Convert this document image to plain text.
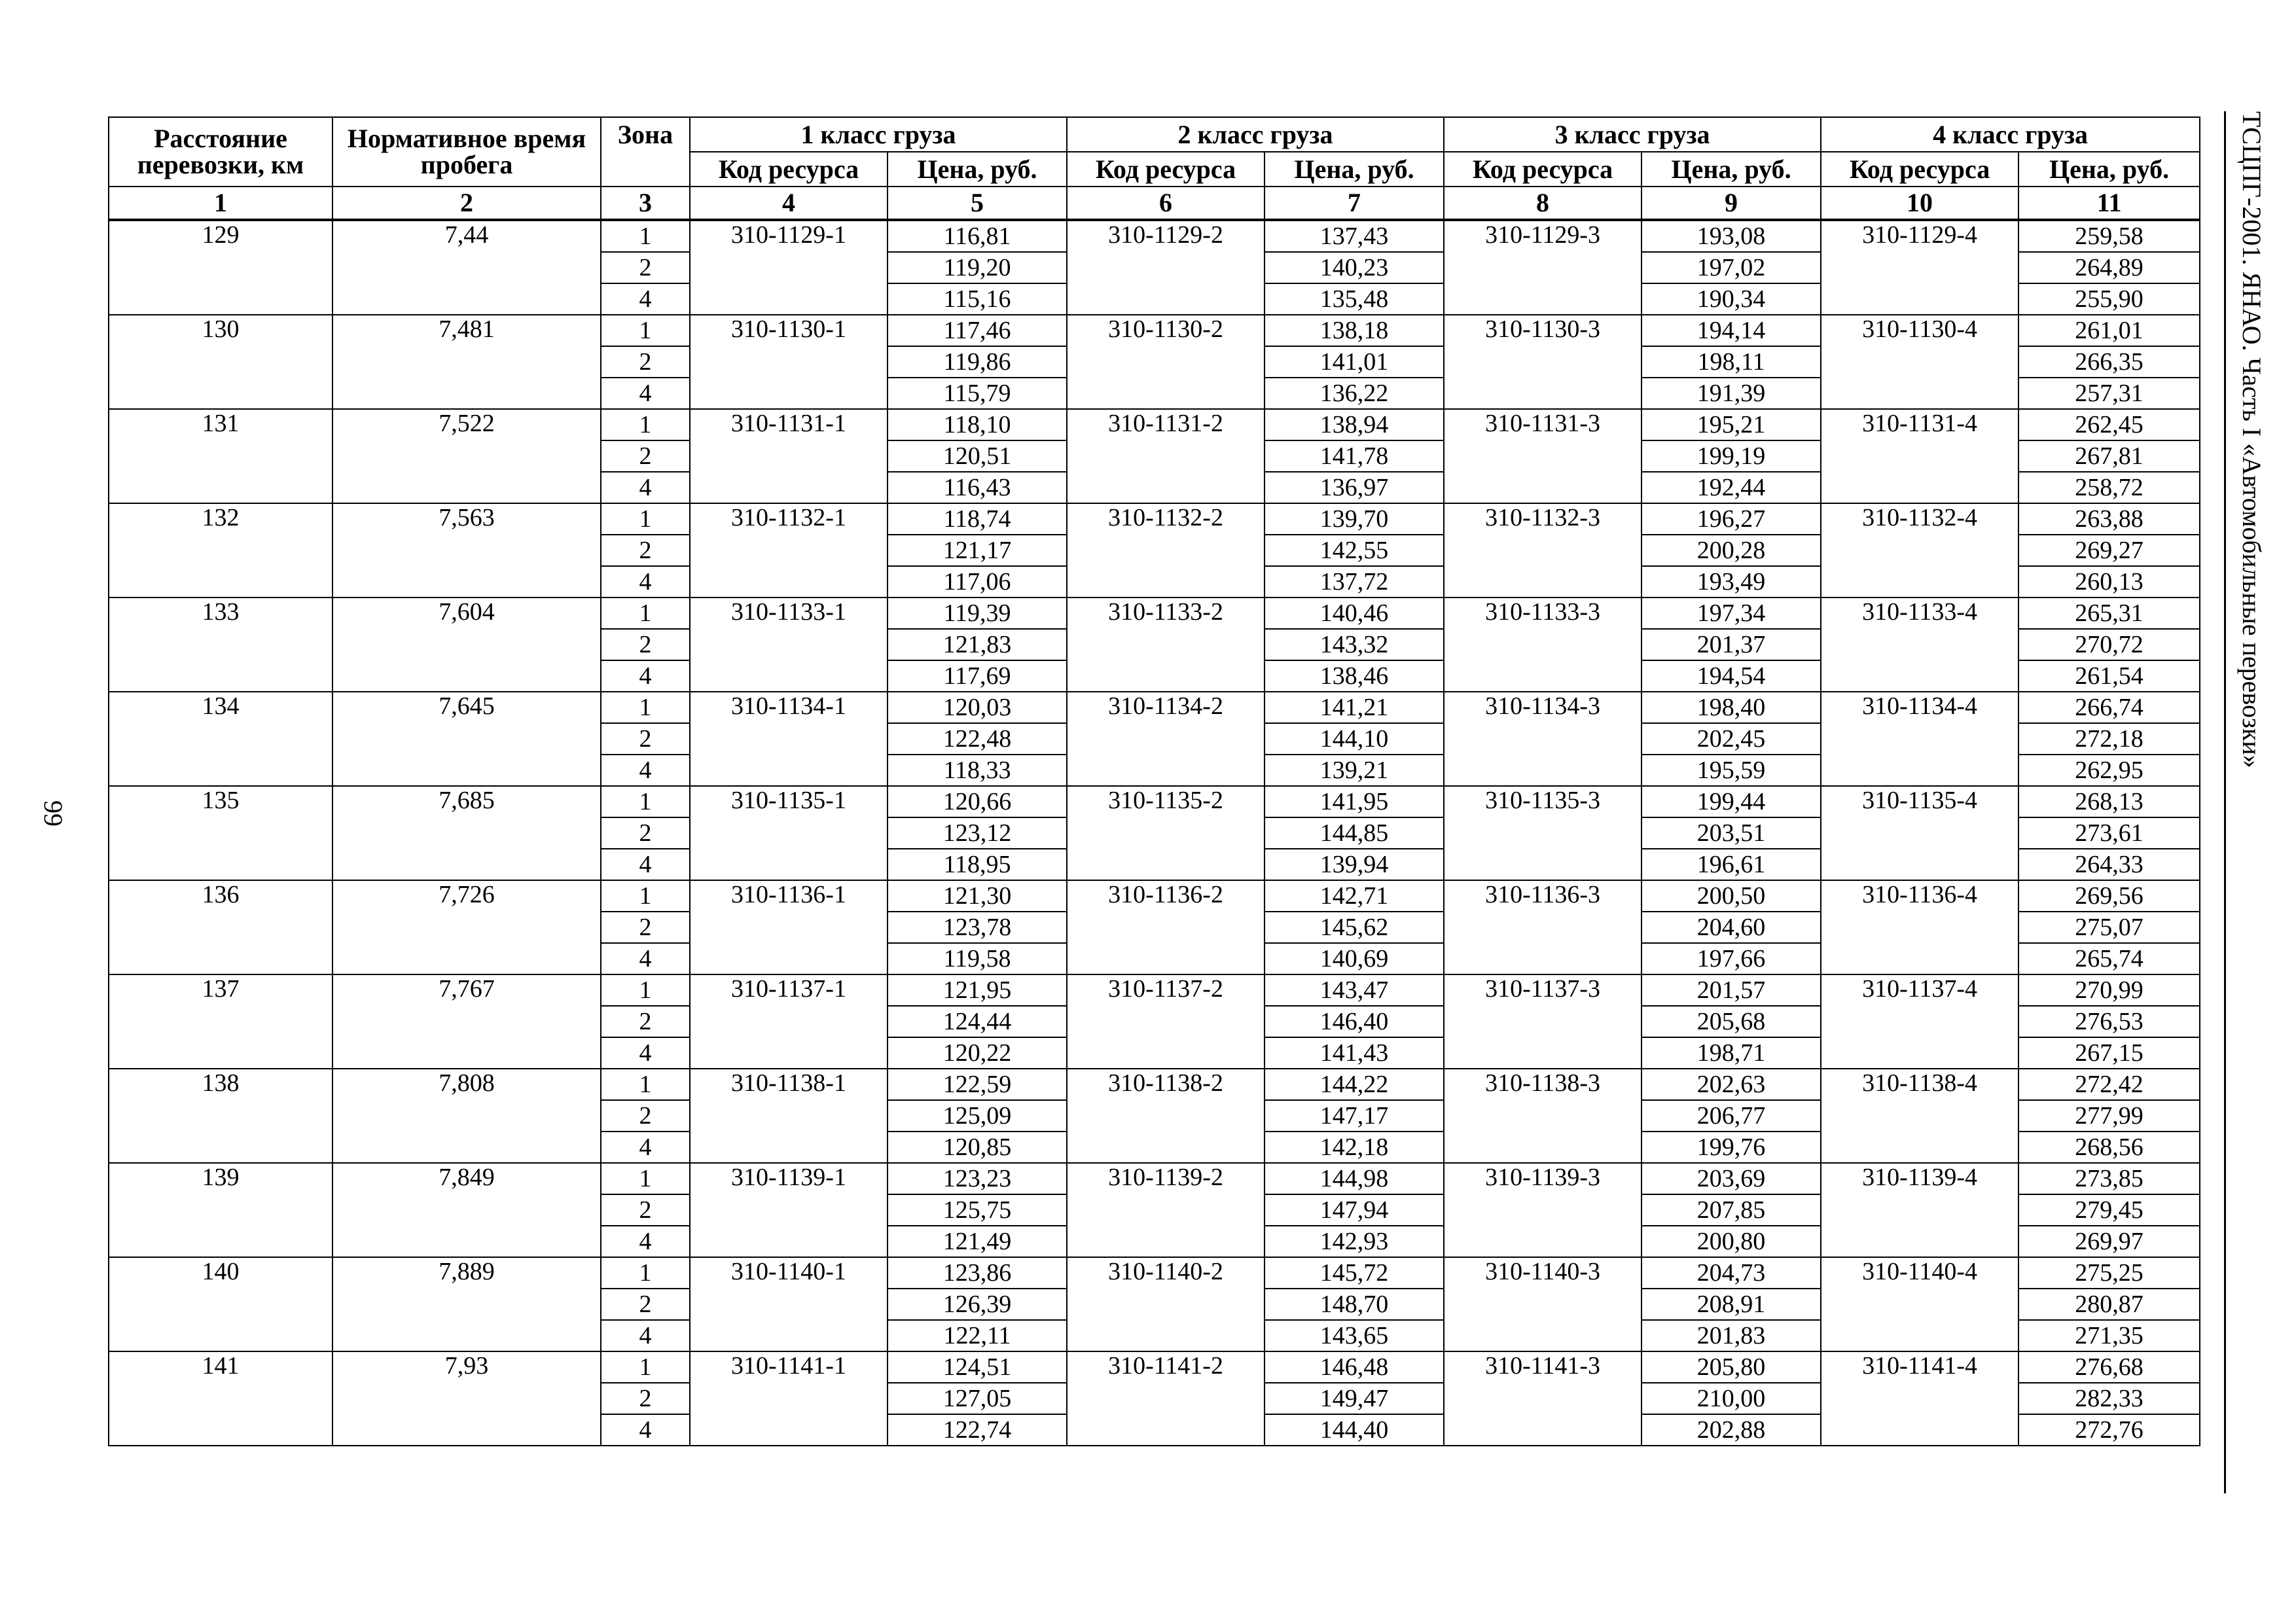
99
ТСЦПГ-2001. ЯНАО. Часть I «Автомобильные перевозки»
Расстояние перевозки, км	Нормативное время пробега	Зона	1 класс груза		2 класс груза		3 класс груза		4 класс груза	
			Код ресурса	Цена, руб.	Код ресурса	Цена, руб.	Код ресурса	Цена, руб.	Код ресурса	Цена, руб.
1	2	3	4	5	6	7	8	9	10	11
129	7,44	1	310-1129-1	116,81	310-1129-2	137,43	310-1129-3	193,08	310-1129-4	259,58
		2		119,20		140,23		197,02		264,89
		4		115,16		135,48		190,34		255,90
130	7,481	1	310-1130-1	117,46	310-1130-2	138,18	310-1130-3	194,14	310-1130-4	261,01
		2		119,86		141,01		198,11		266,35
		4		115,79		136,22		191,39		257,31
131	7,522	1	310-1131-1	118,10	310-1131-2	138,94	310-1131-3	195,21	310-1131-4	262,45
		2		120,51		141,78		199,19		267,81
		4		116,43		136,97		192,44		258,72
132	7,563	1	310-1132-1	118,74	310-1132-2	139,70	310-1132-3	196,27	310-1132-4	263,88
		2		121,17		142,55		200,28		269,27
		4		117,06		137,72		193,49		260,13
133	7,604	1	310-1133-1	119,39	310-1133-2	140,46	310-1133-3	197,34	310-1133-4	265,31
		2		121,83		143,32		201,37		270,72
		4		117,69		138,46		194,54		261,54
134	7,645	1	310-1134-1	120,03	310-1134-2	141,21	310-1134-3	198,40	310-1134-4	266,74
		2		122,48		144,10		202,45		272,18
		4		118,33		139,21		195,59		262,95
135	7,685	1	310-1135-1	120,66	310-1135-2	141,95	310-1135-3	199,44	310-1135-4	268,13
		2		123,12		144,85		203,51		273,61
		4		118,95		139,94		196,61		264,33
136	7,726	1	310-1136-1	121,30	310-1136-2	142,71	310-1136-3	200,50	310-1136-4	269,56
		2		123,78		145,62		204,60		275,07
		4		119,58		140,69		197,66		265,74
137	7,767	1	310-1137-1	121,95	310-1137-2	143,47	310-1137-3	201,57	310-1137-4	270,99
		2		124,44		146,40		205,68		276,53
		4		120,22		141,43		198,71		267,15
138	7,808	1	310-1138-1	122,59	310-1138-2	144,22	310-1138-3	202,63	310-1138-4	272,42
		2		125,09		147,17		206,77		277,99
		4		120,85		142,18		199,76		268,56
139	7,849	1	310-1139-1	123,23	310-1139-2	144,98	310-1139-3	203,69	310-1139-4	273,85
		2		125,75		147,94		207,85		279,45
		4		121,49		142,93		200,80		269,97
140	7,889	1	310-1140-1	123,86	310-1140-2	145,72	310-1140-3	204,73	310-1140-4	275,25
		2		126,39		148,70		208,91		280,87
		4		122,11		143,65		201,83		271,35
141	7,93	1	310-1141-1	124,51	310-1141-2	146,48	310-1141-3	205,80	310-1141-4	276,68
		2		127,05		149,47		210,00		282,33
		4		122,74		144,40		202,88		272,76
